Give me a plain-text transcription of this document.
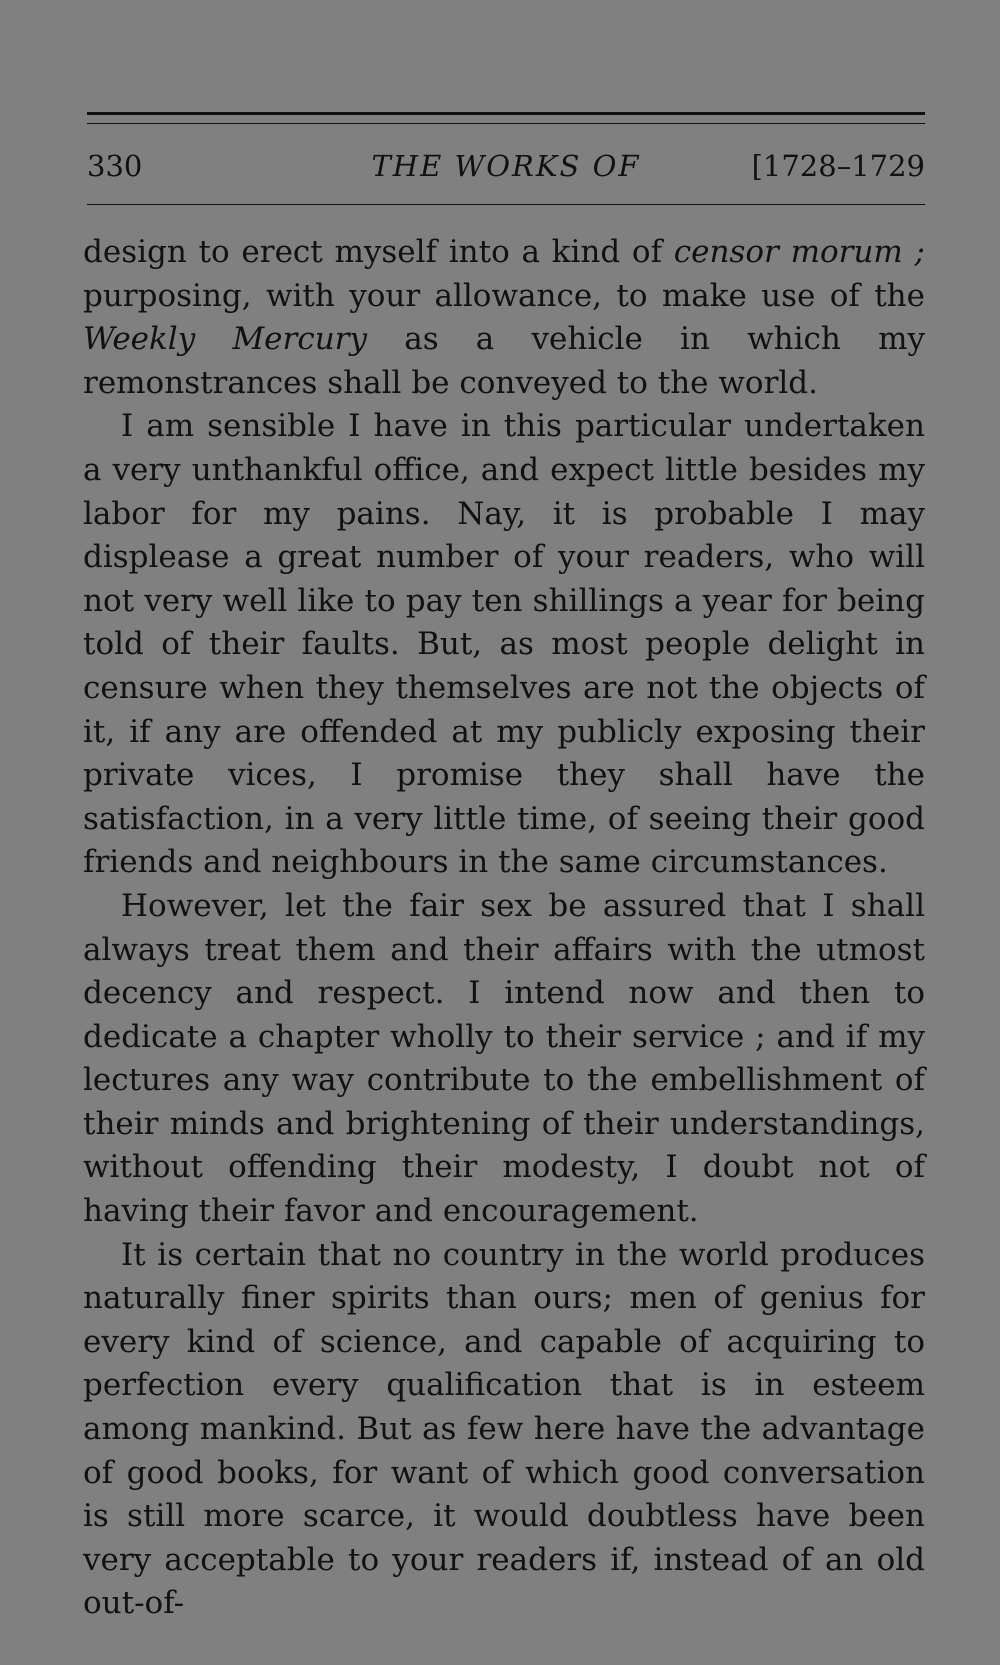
330	THE WORKS OF	[1728–1729

design to erect myself into a kind of censor morum ; purposing, with your allowance, to make use of the Weekly Mercury as a vehicle in which my remonstrances shall be conveyed to the world.

I am sensible I have in this particular undertaken a very unthankful office, and expect little besides my labor for my pains. Nay, it is probable I may displease a great number of your readers, who will not very well like to pay ten shillings a year for being told of their faults. But, as most people delight in censure when they themselves are not the objects of it, if any are offended at my publicly exposing their private vices, I promise they shall have the satisfaction, in a very little time, of seeing their good friends and neighbours in the same circumstances.

However, let the fair sex be assured that I shall always treat them and their affairs with the utmost decency and respect. I intend now and then to dedicate a chapter wholly to their service ; and if my lectures any way contribute to the embellishment of their minds and brightening of their understandings, without offending their modesty, I doubt not of having their favor and encouragement.

It is certain that no country in the world produces naturally finer spirits than ours; men of genius for every kind of science, and capable of acquiring to perfection every qualification that is in esteem among mankind. But as few here have the advantage of good books, for want of which good conversation is still more scarce, it would doubtless have been very acceptable to your readers if, instead of an old out-of-
